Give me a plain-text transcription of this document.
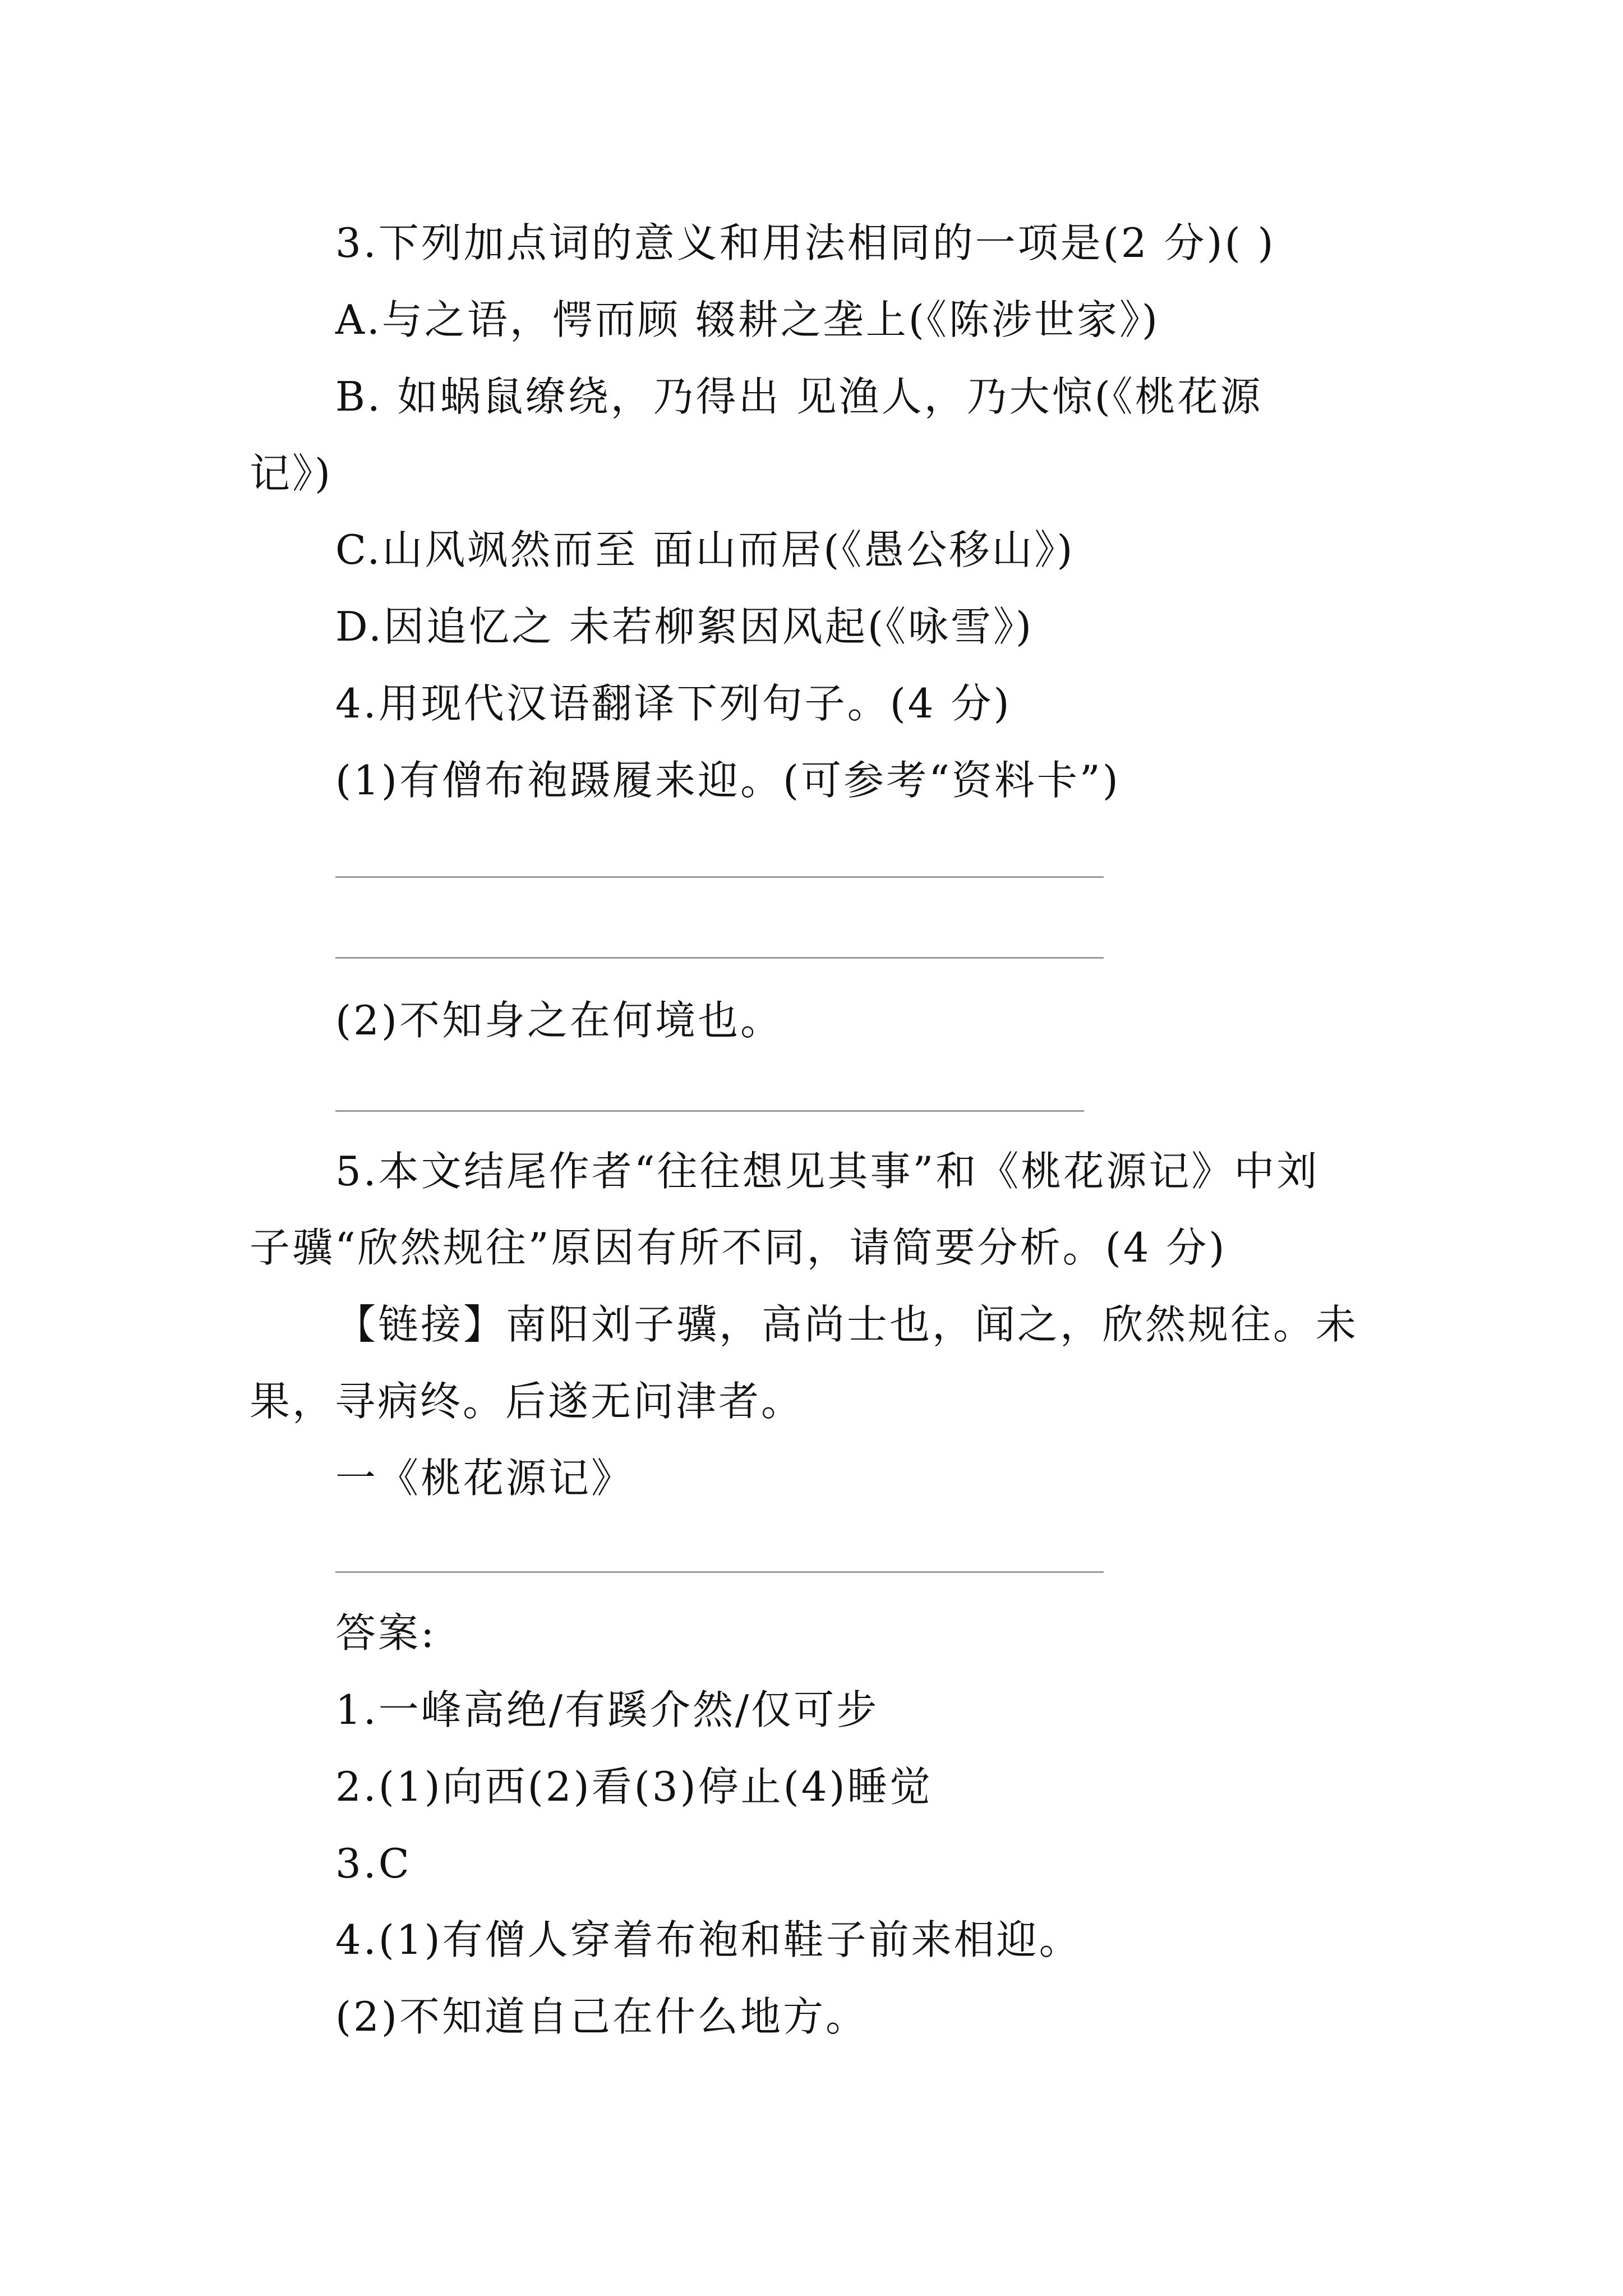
3.下列加点词的意义和用法相同的一项是(2 分)( )
A.与之语，愕而顾 辍耕之垄上(《陈涉世家》)
B. 如蜗鼠缭绕，乃得出 见渔人，乃大惊(《桃花源
记》)
C.山风飒然而至 面山而居(《愚公移山》)
D.因追忆之 未若柳絮因风起(《咏雪》)
4.用现代汉语翻译下列句子。(4 分)
(1)有僧布袍蹑履来迎。(可参考“资料卡”)
(2)不知身之在何境也。
5.本文结尾作者“往往想见其事”和《桃花源记》中刘
子骥“欣然规往”原因有所不同，请简要分析。(4 分)
【链接】南阳刘子骥，高尚士也，闻之，欣然规往。未
果，寻病终。后遂无问津者。
一《桃花源记》
答案:
1.一峰高绝/有蹊介然/仅可步
2.(1)向西(2)看(3)停止(4)睡觉
3.C
4.(1)有僧人穿着布袍和鞋子前来相迎。
(2)不知道自己在什么地方。
